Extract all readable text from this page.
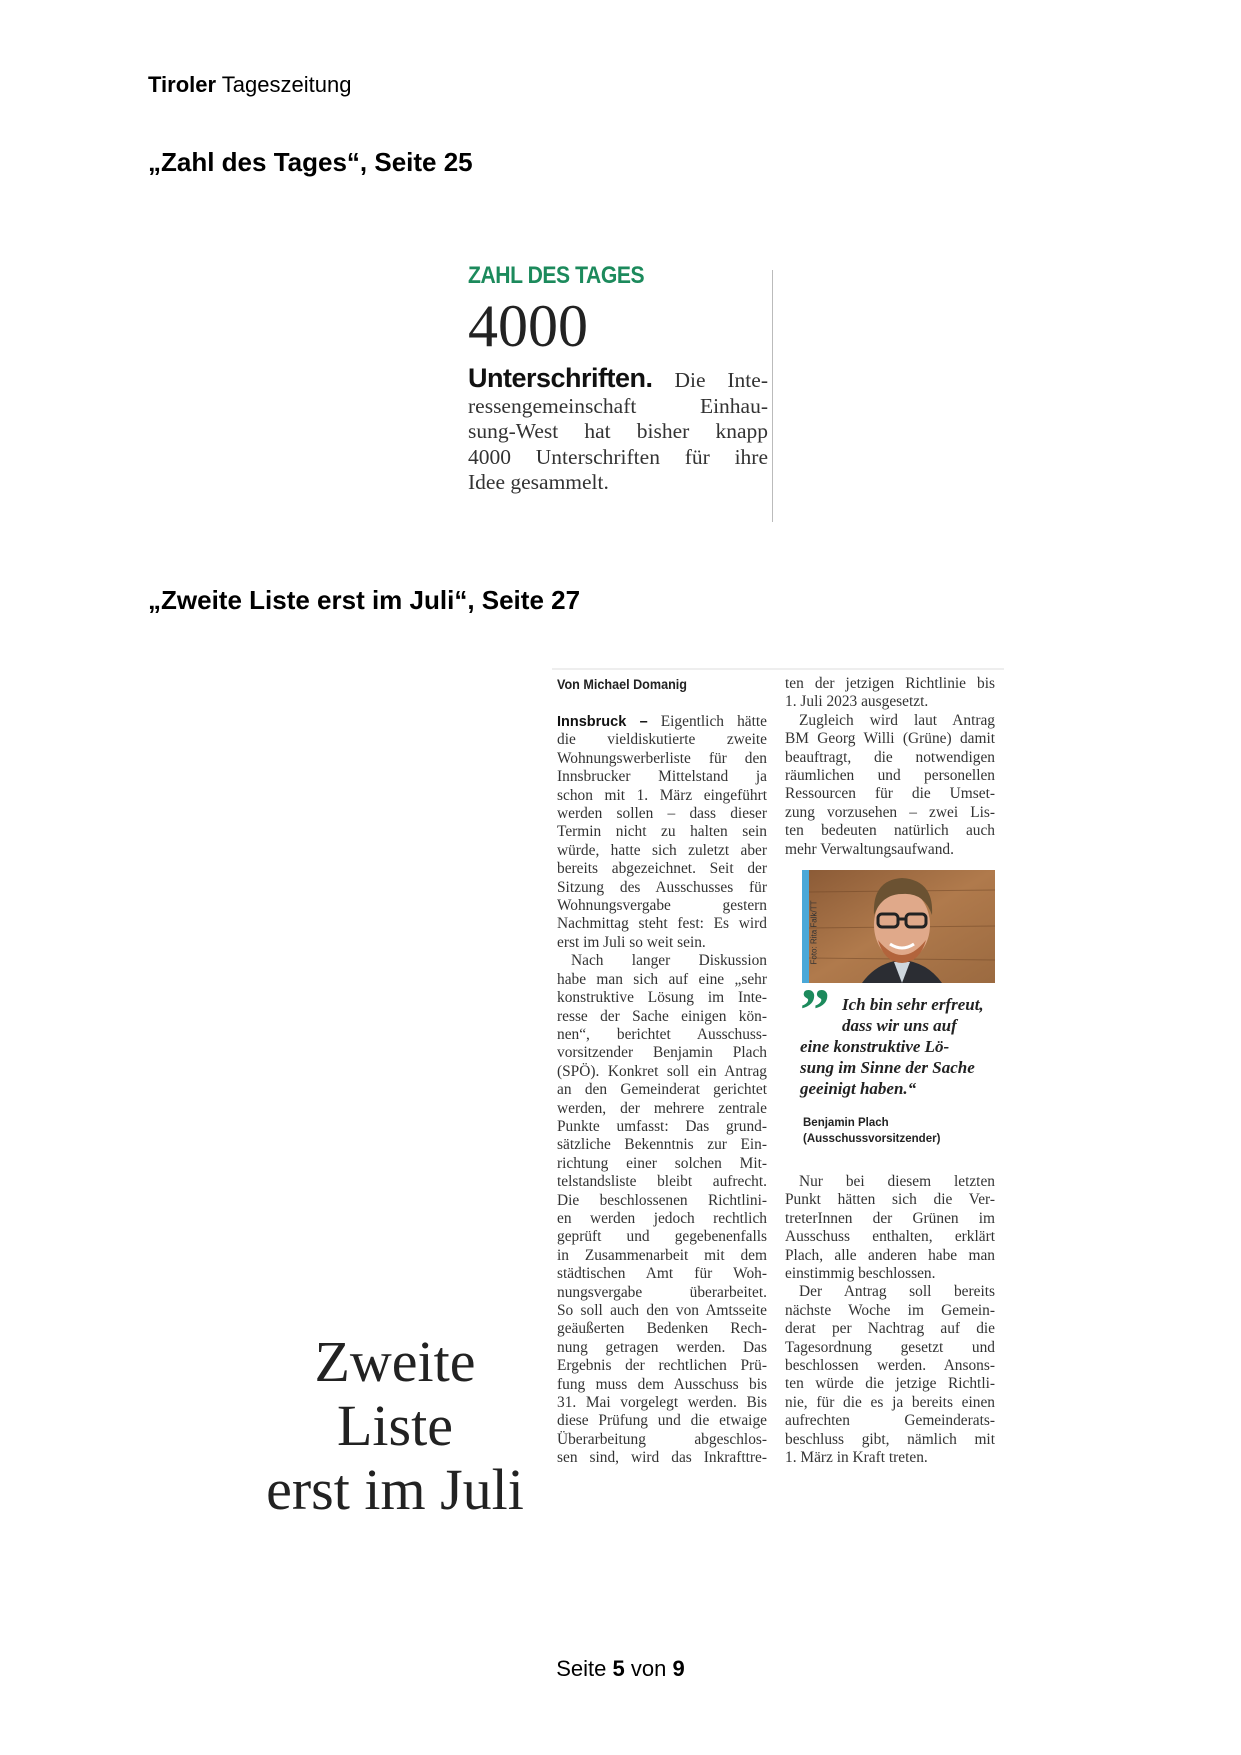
Tiroler Tageszeitung
„Zahl des Tages“, Seite 25
ZAHL DES TAGES
4000
Unterschriften. Die Inte-
ressengemeinschaft Einhau-
sung-West hat bisher knapp
4000 Unterschriften für ihre
Idee gesammelt.
„Zweite Liste erst im Juli“, Seite 27
Von Michael Domanig
Innsbruck – Eigentlich hätte
die vieldiskutierte zweite
Wohnungswerberliste für den
Innsbrucker Mittelstand ja
schon mit 1. März eingeführt
werden sollen – dass dieser
Termin nicht zu halten sein
würde, hatte sich zuletzt aber
bereits abgezeichnet. Seit der
Sitzung des Ausschusses für
Wohnungsvergabe gestern
Nachmittag steht fest: Es wird
erst im Juli so weit sein.
Nach langer Diskussion
habe man sich auf eine „sehr
konstruktive Lösung im Inte-
resse der Sache einigen kön-
nen“, berichtet Ausschuss-
vorsitzender Benjamin Plach
(SPÖ). Konkret soll ein Antrag
an den Gemeinderat gerichtet
werden, der mehrere zentrale
Punkte umfasst: Das grund-
sätzliche Bekenntnis zur Ein-
richtung einer solchen Mit-
telstandsliste bleibt aufrecht.
Die beschlossenen Richtlini-
en werden jedoch rechtlich
geprüft und gegebenenfalls
in Zusammenarbeit mit dem
städtischen Amt für Woh-
nungsvergabe überarbeitet.
So soll auch den von Amtsseite
geäußerten Bedenken Rech-
nung getragen werden. Das
Ergebnis der rechtlichen Prü-
fung muss dem Ausschuss bis
31. Mai vorgelegt werden. Bis
diese Prüfung und die etwaige
Überarbeitung abgeschlos-
sen sind, wird das Inkrafttre-
ten der jetzigen Richtlinie bis
1. Juli 2023 ausgesetzt.
Zugleich wird laut Antrag
BM Georg Willi (Grüne) damit
beauftragt, die notwendigen
räumlichen und personellen
Ressourcen für die Umset-
zung vorzusehen – zwei Lis-
ten bedeuten natürlich auch
mehr Verwaltungsaufwand.
Nur bei diesem letzten
Punkt hätten sich die Ver-
treterInnen der Grünen im
Ausschuss enthalten, erklärt
Plach, alle anderen habe man
einstimmig beschlossen.
Der Antrag soll bereits
nächste Woche im Gemein-
derat per Nachtrag auf die
Tagesordnung gesetzt und
beschlossen werden. Ansons-
ten würde die jetzige Richtli-
nie, für die es ja bereits einen
aufrechten Gemeinderats-
beschluss gibt, nämlich mit
1. März in Kraft treten.
Foto: Rita Falk/TT
” Ich bin sehr erfreut,
dass wir uns auf
eine konstruktive Lö-
sung im Sinne der Sache
geeinigt haben.“
Benjamin Plach
(Ausschussvorsitzender)
Zweite Liste
erst im Juli
Seite 5 von 9
